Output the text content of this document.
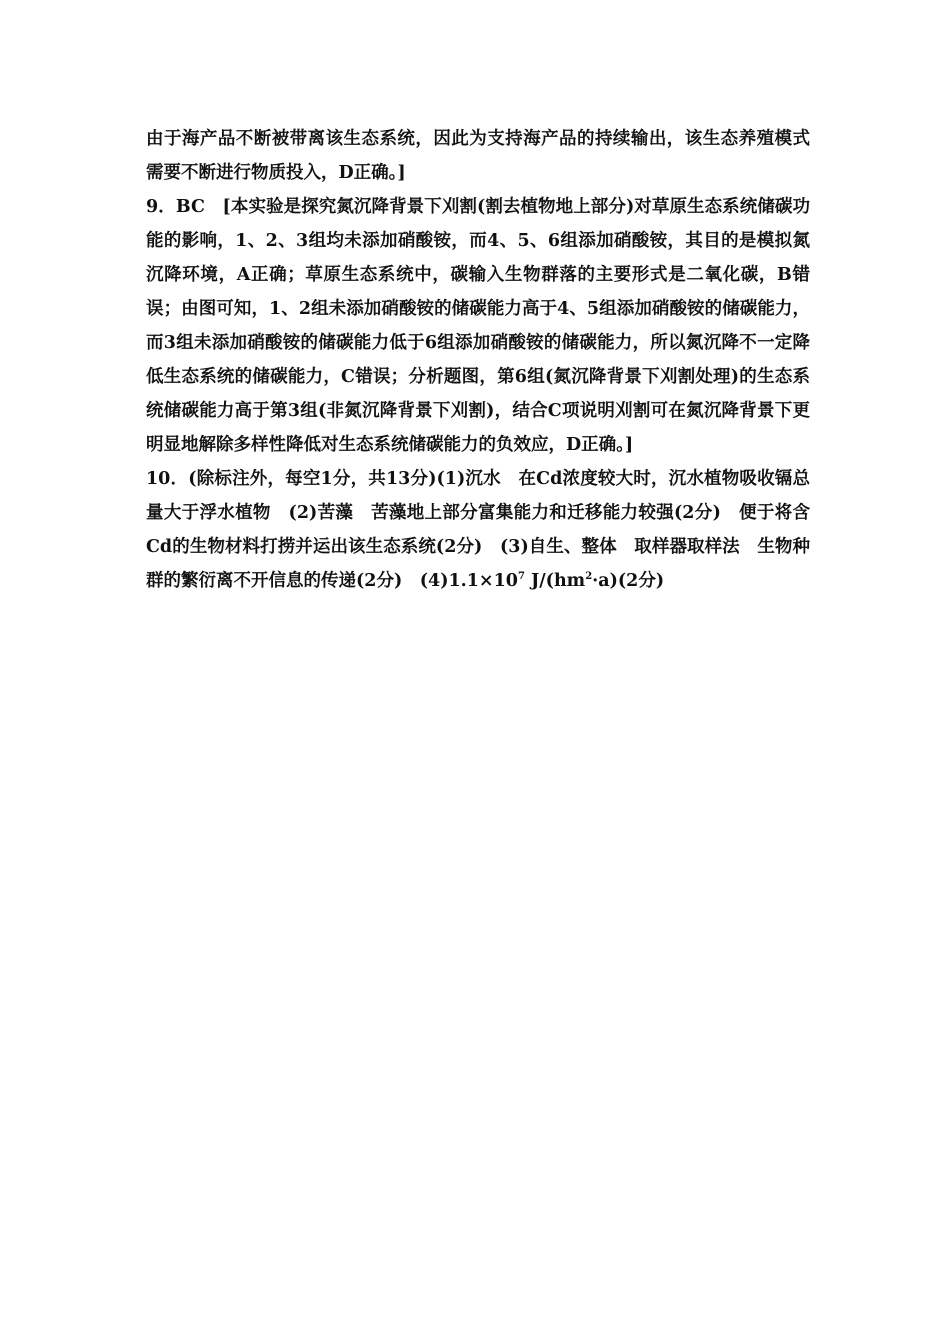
由于海产品不断被带离该生态系统，因此为支持海产品的持续输出，该生态养殖模式需要不断进行物质投入，D正确。]

9．BC　[本实验是探究氮沉降背景下刈割(割去植物地上部分)对草原生态系统储碳功能的影响，1、2、3组均未添加硝酸铵，而4、5、6组添加硝酸铵，其目的是模拟氮沉降环境，A正确；草原生态系统中，碳输入生物群落的主要形式是二氧化碳，B错误；由图可知，1、2组未添加硝酸铵的储碳能力高于4、5组添加硝酸铵的储碳能力，而3组未添加硝酸铵的储碳能力低于6组添加硝酸铵的储碳能力，所以氮沉降不一定降低生态系统的储碳能力，C错误；分析题图，第6组(氮沉降背景下刈割处理)的生态系统储碳能力高于第3组(非氮沉降背景下刈割)，结合C项说明刈割可在氮沉降背景下更明显地解除多样性降低对生态系统储碳能力的负效应，D正确。]

10．(除标注外，每空1分，共13分)(1)沉水　在Cd浓度较大时，沉水植物吸收镉总量大于浮水植物　(2)苦藻　苦藻地上部分富集能力和迁移能力较强(2分)　便于将含Cd的生物材料打捞并运出该生态系统(2分)　(3)自生、整体　取样器取样法　生物种群的繁衍离不开信息的传递(2分)　$(4)1.1\times 10^7$ $J/(hm^2\cdot a)(2$分)
